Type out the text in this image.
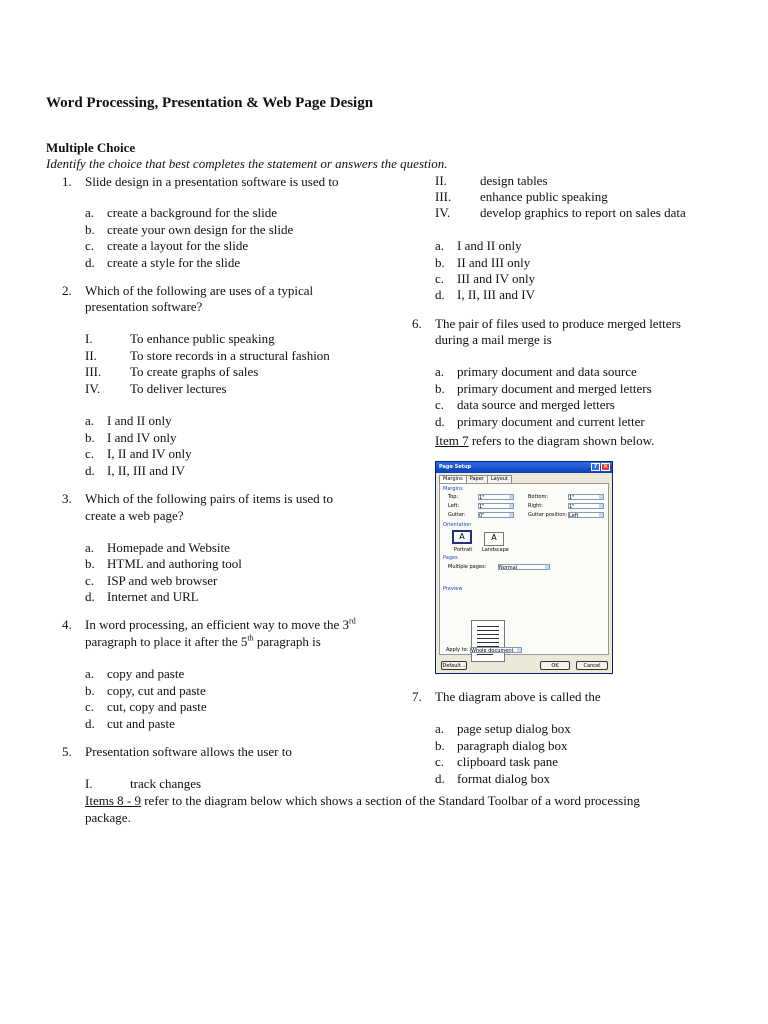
Word Processing, Presentation & Web Page Design
Multiple Choice
Identify the choice that best completes the statement or answers the question.
1. Slide design in a presentation software is used to
a. create a background for the slide
b. create your own design for the slide
c. create a layout for the slide
d. create a style for the slide
2. Which of the following are uses of a typical
presentation software?
I.	To enhance public speaking
II.	To store records in a structural fashion
III. To create graphs of sales
IV. To deliver lectures
a. I and II only
b. I and IV only
c. I, II and IV only
d. I, II, III and IV
3. Which of the following pairs of items is used to
create a web page?
a. Homepade and Website
b. HTML and authoring tool
c. ISP and web browser
d. Internet and URL
4. In word processing, an efficient way to move the 3rd
paragraph to place it after the 5th paragraph is
a. copy and paste
b. copy, cut and paste
c. cut, copy and paste
d. cut and paste
5. Presentation software allows the user to
I.	track changes
II.	design tables
III. enhance public speaking
IV. develop graphics to report on sales data
a. I and II only
b. II and III only
c. III and IV only
d. I, II, III and IV
6. The pair of files used to produce merged letters
during a mail merge is
a. primary document and data source
b. primary document and merged letters
c. data source and merged letters
d. primary document and current letter
Item 7 refers to the diagram shown below.
Page Setup	? ✕
Margins Paper Layout
Margins
Top:	1"	Bottom:	1"
Left:	1"	Right:	1"
Gutter:	0"	Gutter position: Left
Orientation
A	A
Portrait Landscape
Pages
Multiple pages:	Normal
Preview
Apply to: Whole document
Default...	OK	Cancel
7. The diagram above is called the
a. page setup dialog box
b. paragraph dialog box
c. clipboard task pane
d. format dialog box
Items 8 - 9 refer to the diagram below which shows a section of the Standard Toolbar of a word processing
package.
